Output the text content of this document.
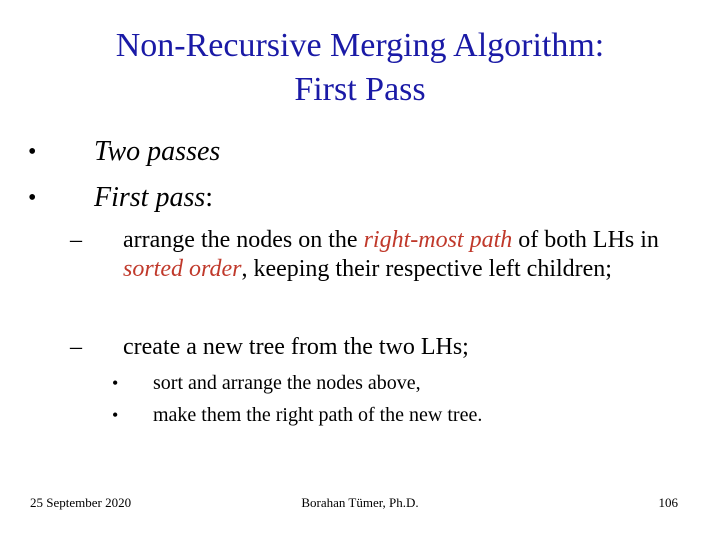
Non-Recursive Merging Algorithm:
First Pass
• Two passes
• First pass:
– arrange the nodes on the right-most path of both LHs in sorted order, keeping their respective left children;
– create a new tree from the two LHs;
• sort and arrange the nodes above,
• make them the right path of the new tree.
25 September 2020	Borahan Tümer, Ph.D.	106
